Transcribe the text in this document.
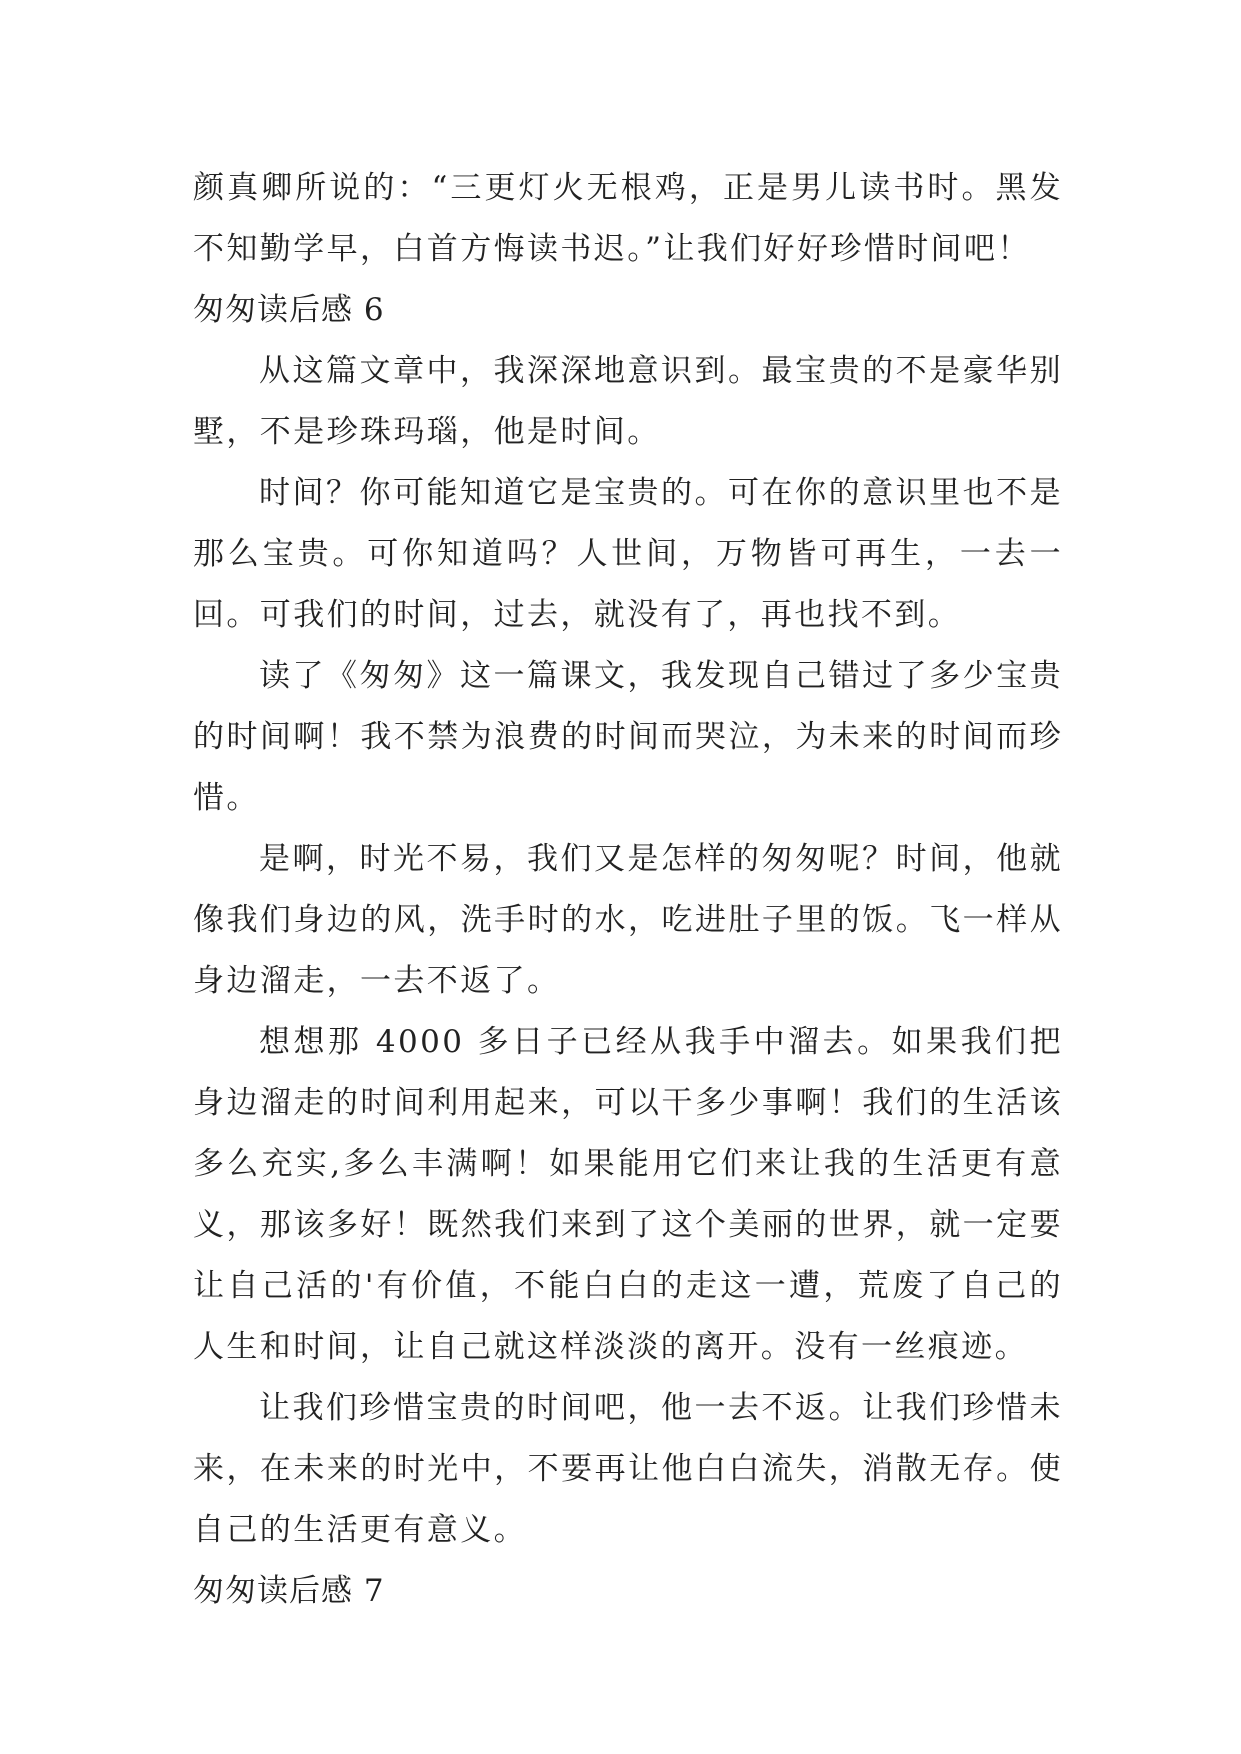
颜真卿所说的：“三更灯火无根鸡，正是男儿读书时。黑发不知勤学早，白首方悔读书迟。”让我们好好珍惜时间吧！

匆匆读后感 6

从这篇文章中，我深深地意识到。最宝贵的不是豪华别墅，不是珍珠玛瑙，他是时间。

时间？你可能知道它是宝贵的。可在你的意识里也不是那么宝贵。可你知道吗？人世间，万物皆可再生，一去一回。可我们的时间，过去，就没有了，再也找不到。

读了《匆匆》这一篇课文，我发现自己错过了多少宝贵的时间啊！我不禁为浪费的时间而哭泣，为未来的时间而珍惜。

是啊，时光不易，我们又是怎样的匆匆呢？时间，他就像我们身边的风，洗手时的水，吃进肚子里的饭。飞一样从身边溜走，一去不返了。

想想那 4000 多日子已经从我手中溜去。如果我们把身边溜走的时间利用起来，可以干多少事啊！我们的生活该多么充实,多么丰满啊！如果能用它们来让我的生活更有意义，那该多好！既然我们来到了这个美丽的世界，就一定要让自己活的'有价值，不能白白的走这一遭，荒废了自己的人生和时间，让自己就这样淡淡的离开。没有一丝痕迹。

让我们珍惜宝贵的时间吧，他一去不返。让我们珍惜未来，在未来的时光中，不要再让他白白流失，消散无存。使自己的生活更有意义。

匆匆读后感 7
